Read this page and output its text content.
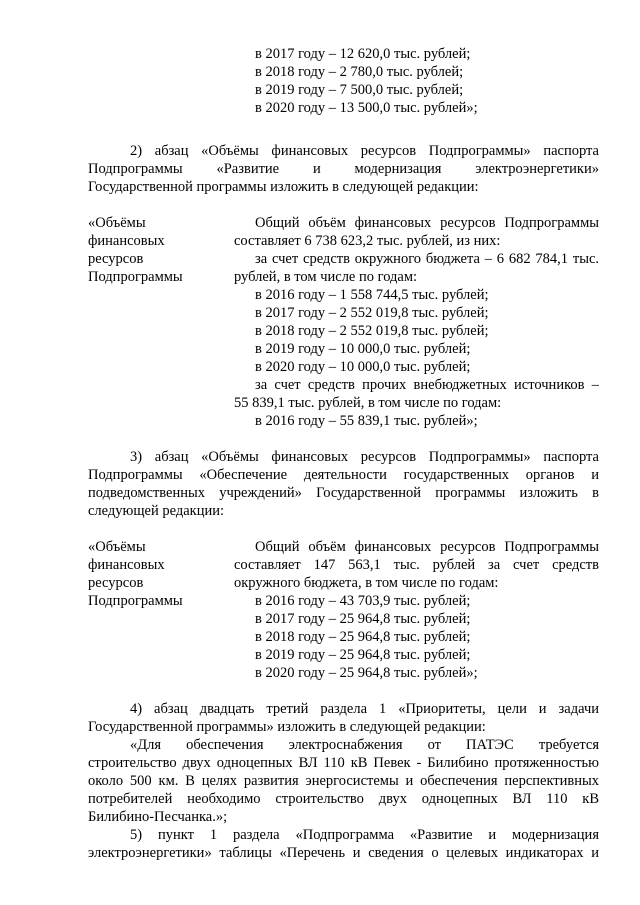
в 2017 году – 12 620,0 тыс. рублей;
в 2018 году – 2 780,0 тыс. рублей;
в 2019 году – 7 500,0 тыс. рублей;
в 2020 году – 13 500,0 тыс. рублей»;
2) абзац «Объёмы финансовых ресурсов Подпрограммы» паспорта
Подпрограммы «Развитие и модернизация электроэнергетики»
Государственной программы изложить в следующей редакции:
«Объёмы
финансовых
ресурсов
Подпрограммы
Общий объём финансовых ресурсов Подпрограммы
составляет 6 738 623,2 тыс. рублей, из них:
за счет средств окружного бюджета – 6 682 784,1 тыс.
рублей, в том числе по годам:
в 2016 году – 1 558 744,5 тыс. рублей;
в 2017 году – 2 552 019,8 тыс. рублей;
в 2018 году – 2 552 019,8 тыс. рублей;
в 2019 году – 10 000,0 тыс. рублей;
в 2020 году – 10 000,0 тыс. рублей;
за счет средств прочих внебюджетных источников –
55 839,1 тыс. рублей, в том числе по годам:
в 2016 году – 55 839,1 тыс. рублей»;
3) абзац «Объёмы финансовых ресурсов Подпрограммы» паспорта
Подпрограммы «Обеспечение деятельности государственных органов и
подведомственных учреждений» Государственной программы изложить в
следующей редакции:
«Объёмы
финансовых
ресурсов
Подпрограммы
Общий объём финансовых ресурсов Подпрограммы
составляет 147 563,1 тыс. рублей за счет средств
окружного бюджета, в том числе по годам:
в 2016 году – 43 703,9 тыс. рублей;
в 2017 году – 25 964,8 тыс. рублей;
в 2018 году – 25 964,8 тыс. рублей;
в 2019 году – 25 964,8 тыс. рублей;
в 2020 году – 25 964,8 тыс. рублей»;
4) абзац двадцать третий раздела 1 «Приоритеты, цели и задачи
Государственной программы» изложить в следующей редакции:
«Для обеспечения электроснабжения от ПАТЭС требуется
строительство двух одноцепных ВЛ 110 кВ Певек - Билибино протяженностью
около 500 км. В целях развития энергосистемы и обеспечения перспективных
потребителей необходимо строительство двух одноцепных ВЛ 110 кВ
Билибино-Песчанка.»;
5) пункт 1 раздела «Подпрограмма «Развитие и модернизация
электроэнергетики» таблицы «Перечень и сведения о целевых индикаторах и
